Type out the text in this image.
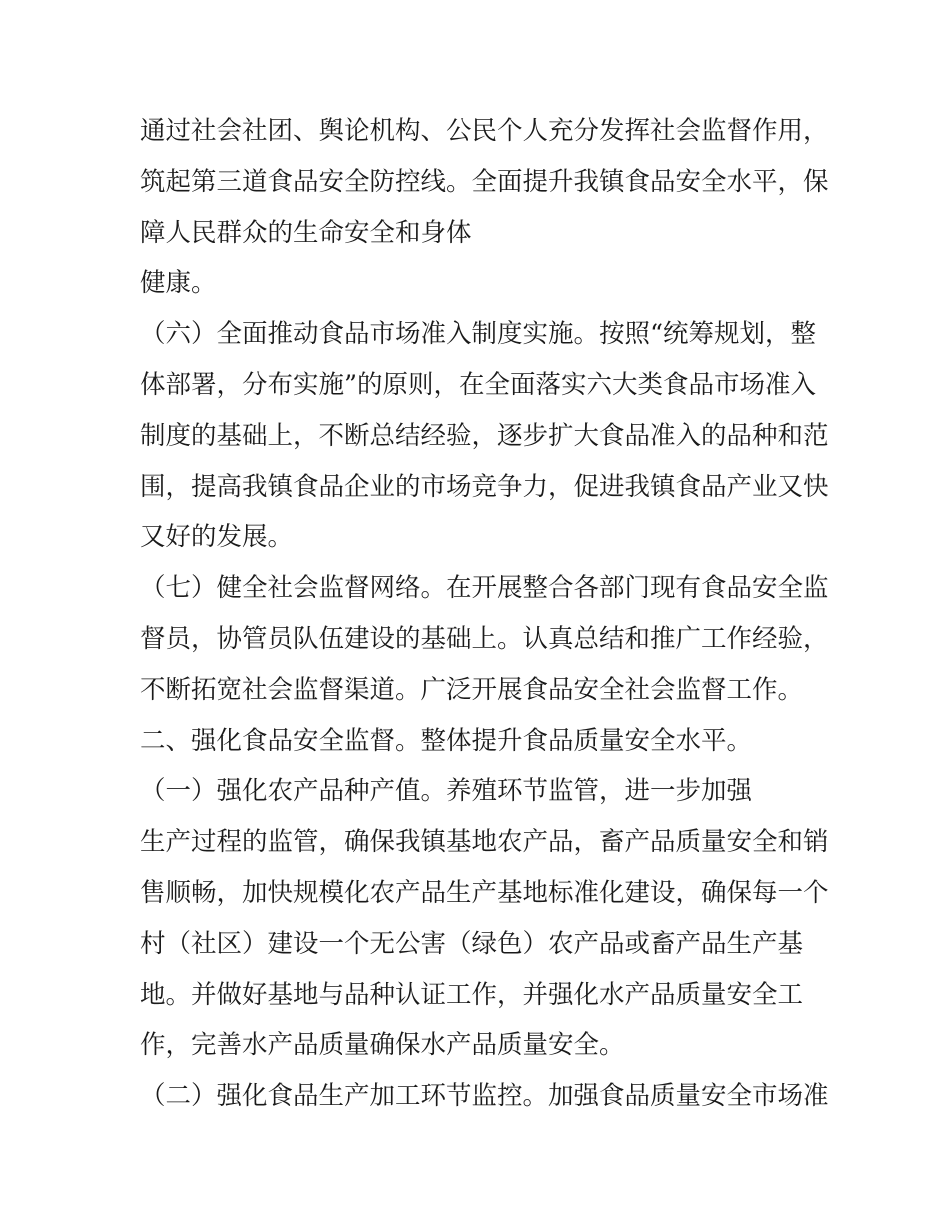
通过社会社团、舆论机构、公民个人充分发挥社会监督作用，
筑起第三道食品安全防控线。全面提升我镇食品安全水平，保
障人民群众的生命安全和身体
健康。
（六）全面推动食品市场准入制度实施。按照“统筹规划，整
体部署，分布实施”的原则，在全面落实六大类食品市场准入
制度的基础上，不断总结经验，逐步扩大食品准入的品种和范
围，提高我镇食品企业的市场竞争力，促进我镇食品产业又快
又好的发展。
（七）健全社会监督网络。在开展整合各部门现有食品安全监
督员，协管员队伍建设的基础上。认真总结和推广工作经验，
不断拓宽社会监督渠道。广泛开展食品安全社会监督工作。
二、强化食品安全监督。整体提升食品质量安全水平。
（一）强化农产品种产值。养殖环节监管，进一步加强
生产过程的监管，确保我镇基地农产品，畜产品质量安全和销
售顺畅，加快规模化农产品生产基地标准化建设，确保每一个
村（社区）建设一个无公害（绿色）农产品或畜产品生产基
地。并做好基地与品种认证工作，并强化水产品质量安全工
作，完善水产品质量确保水产品质量安全。
（二）强化食品生产加工环节监控。加强食品质量安全市场准
